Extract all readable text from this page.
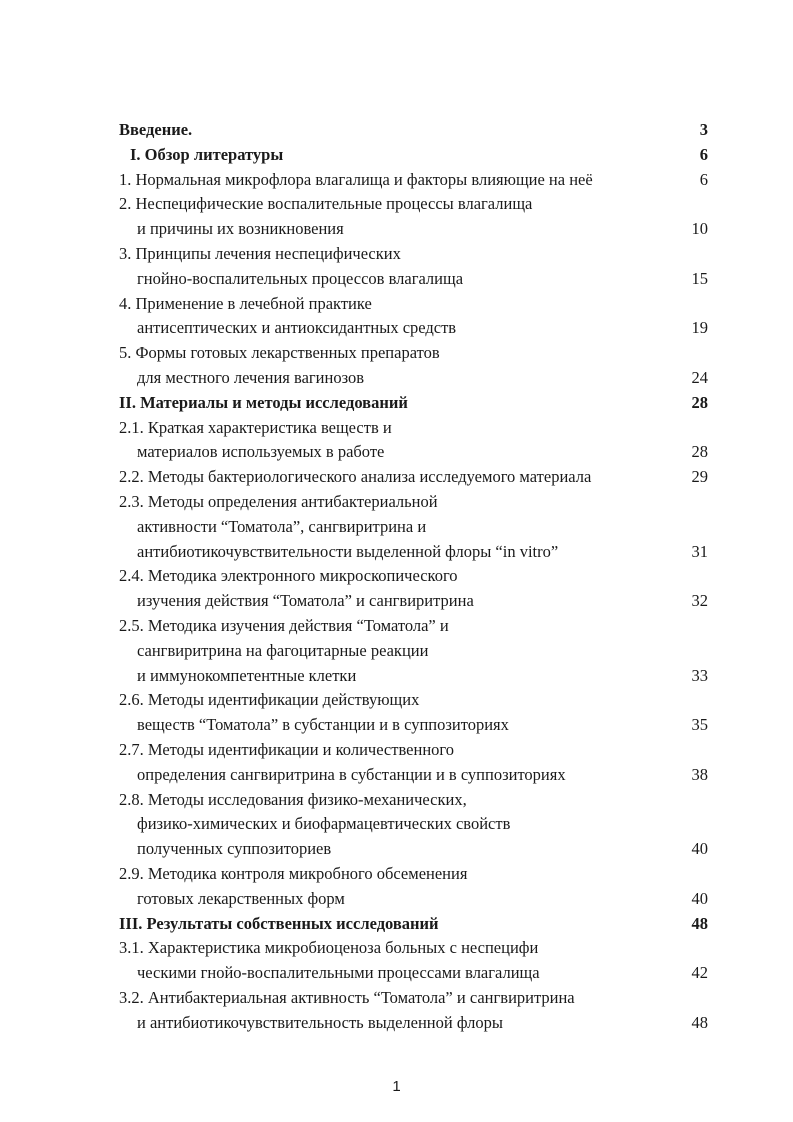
Введение.	3
I. Обзор литературы	6
1. Нормальная микрофлора влагалища и факторы влияющие на неё	6
2. Неспецифические воспалительные процессы влагалища
и причины их возникновения	10
3. Принципы лечения неспецифических
гнойно-воспалительных процессов влагалища	15
4. Применение в лечебной практике
антисептических и антиоксидантных средств	19
5. Формы готовых лекарственных препаратов
для местного лечения вагинозов	24
II. Материалы и методы исследований	28
2.1. Краткая характеристика веществ и
материалов используемых в работе	28
2.2. Методы бактериологического анализа исследуемого материала	29
2.3. Методы определения антибактериальной
активности “Томатола”, сангвиритрина и
антибиотикочувствительности выделенной флоры “in vitro”	31
2.4. Методика электронного микроскопического
изучения действия “Томатола” и сангвиритрина	32
2.5. Методика изучения действия “Томатола” и
сангвиритрина на фагоцитарные реакции
и иммунокомпетентные клетки	33
2.6. Методы идентификации действующих
веществ “Томатола” в субстанции и в суппозиториях	35
2.7. Методы идентификации и количественного
определения сангвиритрина в субстанции и в суппозиториях	38
2.8. Методы исследования физико-механических,
физико-химических и биофармацевтических свойств
полученных суппозиториев	40
2.9. Методика контроля микробного обсеменения
готовых лекарственных форм	40
III. Результаты собственных исследований	48
3.1. Характеристика микробиоценоза больных с неспецифи
ческими гнойо-воспалительными процессами влагалища	42
3.2. Антибактериальная активность “Томатола” и сангвиритрина
и антибиотикочувствительность выделенной флоры	48
1
